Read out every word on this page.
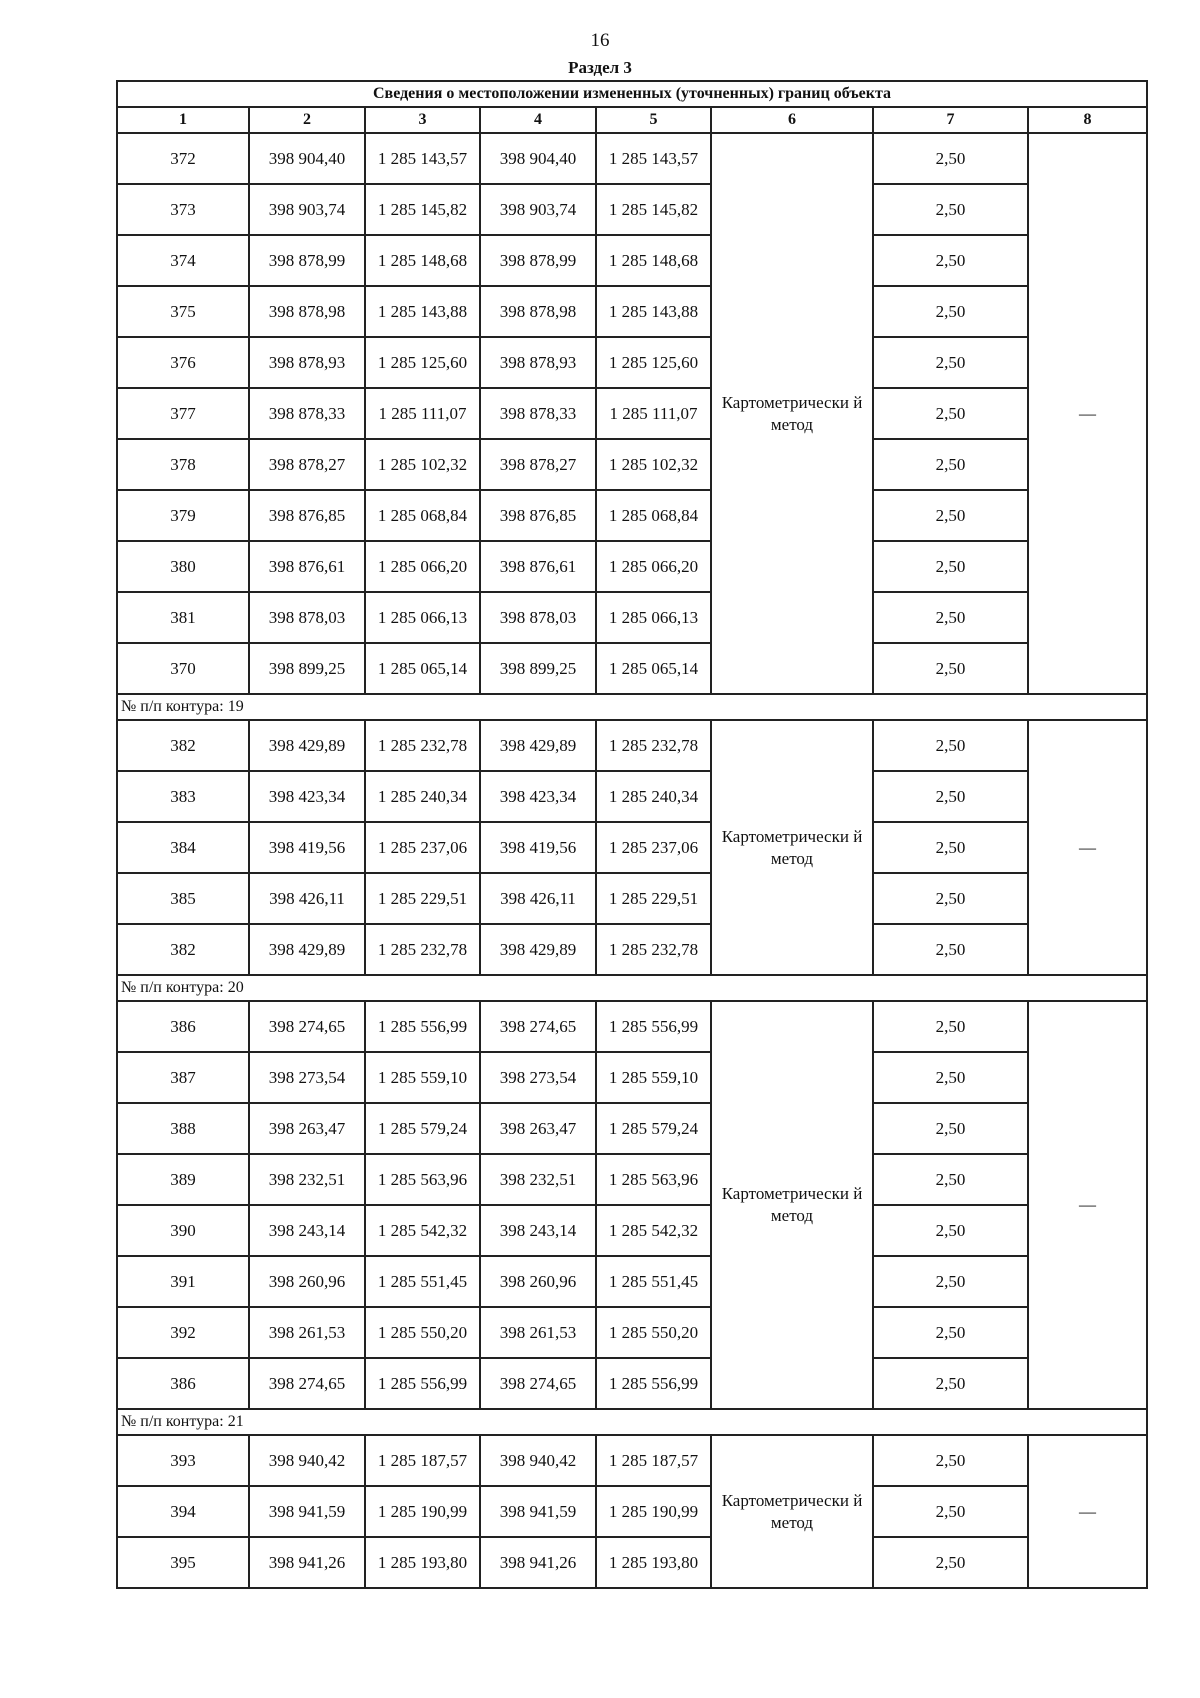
16
Раздел 3
Сведения о местоположении измененных (уточненных) границ объекта							
1	2	3	4	5	6	7	8
372	398 904,40	1 285 143,57	398 904,40	1 285 143,57	Картометрически й метод	2,50	—
373	398 903,74	1 285 145,82	398 903,74	1 285 145,82		2,50	
374	398 878,99	1 285 148,68	398 878,99	1 285 148,68		2,50	
375	398 878,98	1 285 143,88	398 878,98	1 285 143,88		2,50	
376	398 878,93	1 285 125,60	398 878,93	1 285 125,60		2,50	
377	398 878,33	1 285 111,07	398 878,33	1 285 111,07		2,50	
378	398 878,27	1 285 102,32	398 878,27	1 285 102,32		2,50	
379	398 876,85	1 285 068,84	398 876,85	1 285 068,84		2,50	
380	398 876,61	1 285 066,20	398 876,61	1 285 066,20		2,50	
381	398 878,03	1 285 066,13	398 878,03	1 285 066,13		2,50	
370	398 899,25	1 285 065,14	398 899,25	1 285 065,14		2,50	
№ п/п контура: 19							
382	398 429,89	1 285 232,78	398 429,89	1 285 232,78	Картометрически й метод	2,50	—
383	398 423,34	1 285 240,34	398 423,34	1 285 240,34		2,50	
384	398 419,56	1 285 237,06	398 419,56	1 285 237,06		2,50	
385	398 426,11	1 285 229,51	398 426,11	1 285 229,51		2,50	
382	398 429,89	1 285 232,78	398 429,89	1 285 232,78		2,50	
№ п/п контура: 20							
386	398 274,65	1 285 556,99	398 274,65	1 285 556,99	Картометрически й метод	2,50	—
387	398 273,54	1 285 559,10	398 273,54	1 285 559,10		2,50	
388	398 263,47	1 285 579,24	398 263,47	1 285 579,24		2,50	
389	398 232,51	1 285 563,96	398 232,51	1 285 563,96		2,50	
390	398 243,14	1 285 542,32	398 243,14	1 285 542,32		2,50	
391	398 260,96	1 285 551,45	398 260,96	1 285 551,45		2,50	
392	398 261,53	1 285 550,20	398 261,53	1 285 550,20		2,50	
386	398 274,65	1 285 556,99	398 274,65	1 285 556,99		2,50	
№ п/п контура: 21							
393	398 940,42	1 285 187,57	398 940,42	1 285 187,57	Картометрически й метод	2,50	—
394	398 941,59	1 285 190,99	398 941,59	1 285 190,99		2,50	
395	398 941,26	1 285 193,80	398 941,26	1 285 193,80		2,50	
